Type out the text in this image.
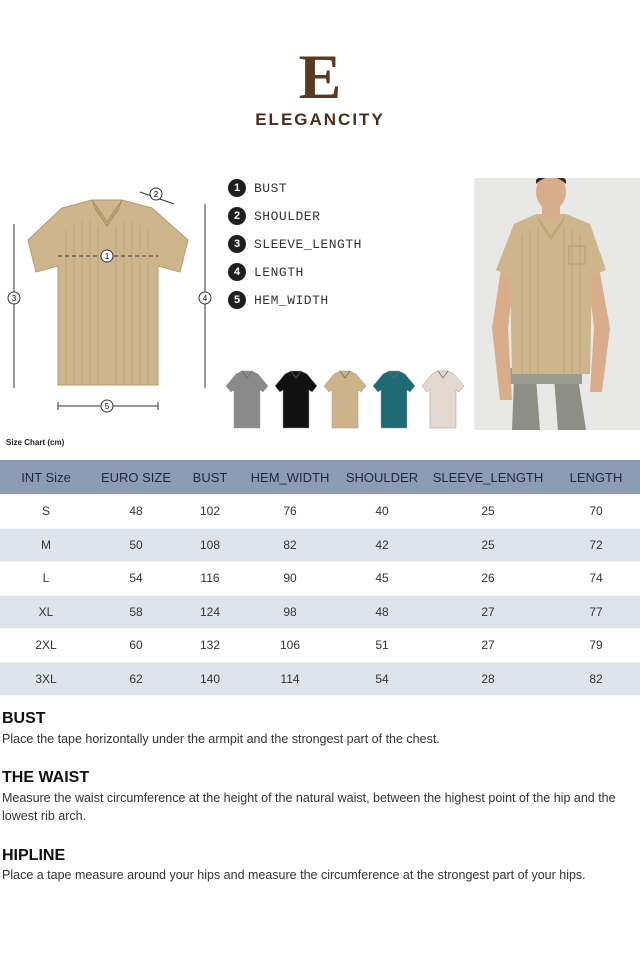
E
ELEGANCITY
1
2
3	4
5
1	BUST
2	SHOULDER
3	SLEEVE_LENGTH
4	LENGTH
5	HEM_WIDTH
Size Chart (cm)
INT Size	EURO SIZE	BUST	HEM_WIDTH	SHOULDER	SLEEVE_LENGTH	LENGTH
S	48	102	76	40	25	70
M	50	108	82	42	25	72
L	54	116	90	45	26	74
XL	58	124	98	48	27	77
2XL	60	132	106	51	27	79
3XL	62	140	114	54	28	82
BUST
Place the tape horizontally under the armpit and the strongest part of the chest.
THE WAIST
Measure the waist circumference at the height of the natural waist, between the highest point of the hip and the lowest rib arch.
HIPLINE
Place a tape measure around your hips and measure the circumference at the strongest part of your hips.
